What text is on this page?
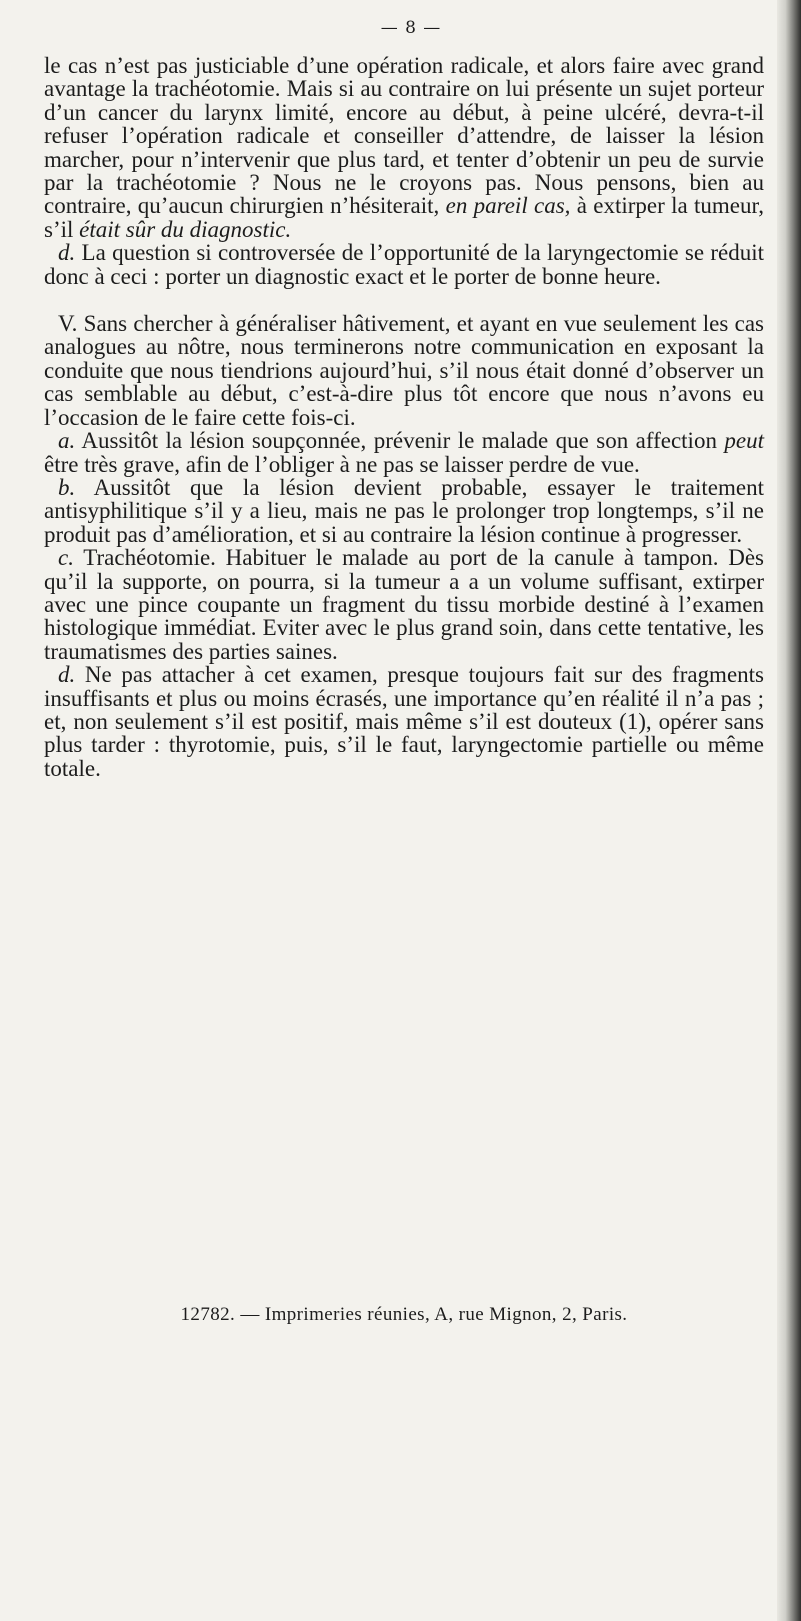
— 8 —

le cas n’est pas justiciable d’une opération radicale, et alors faire avec grand avantage la trachéotomie. Mais si au contraire on lui présente un sujet porteur d’un cancer du larynx limité, encore au début, à peine ulcéré, devra-t-il refuser l’opération radicale et conseiller d’attendre, de laisser la lésion marcher, pour n’intervenir que plus tard, et tenter d’obtenir un peu de survie par la trachéotomie ? Nous ne le croyons pas. Nous pensons, bien au contraire, qu’aucun chirurgien n’hésiterait, en pareil cas, à extirper la tumeur, s’il était sûr du diagnostic.

d. La question si controversée de l’opportunité de la laryngectomie se réduit donc à ceci : porter un diagnostic exact et le porter de bonne heure.

V. Sans chercher à généraliser hâtivement, et ayant en vue seulement les cas analogues au nôtre, nous terminerons notre communication en exposant la conduite que nous tiendrions aujourd’hui, s’il nous était donné d’observer un cas semblable au début, c’est-à-dire plus tôt encore que nous n’avons eu l’occasion de le faire cette fois-ci.

a. Aussitôt la lésion soupçonnée, prévenir le malade que son affection peut être très grave, afin de l’obliger à ne pas se laisser perdre de vue.

b. Aussitôt que la lésion devient probable, essayer le traitement antisyphilitique s’il y a lieu, mais ne pas le prolonger trop longtemps, s’il ne produit pas d’amélioration, et si au contraire la lésion continue à progresser.

c. Trachéotomie. Habituer le malade au port de la canule à tampon. Dès qu’il la supporte, on pourra, si la tumeur a a un volume suffisant, extirper avec une pince coupante un fragment du tissu morbide destiné à l’examen histologique immédiat. Eviter avec le plus grand soin, dans cette tentative, les traumatismes des parties saines.

d. Ne pas attacher à cet examen, presque toujours fait sur des fragments insuffisants et plus ou moins écrasés, une importance qu’en réalité il n’a pas ; et, non seulement s’il est positif, mais même s’il est douteux (1), opérer sans plus tarder : thyrotomie, puis, s’il le faut, laryngectomie partielle ou même totale.

12782. — Imprimeries réunies, A, rue Mignon, 2, Paris.
